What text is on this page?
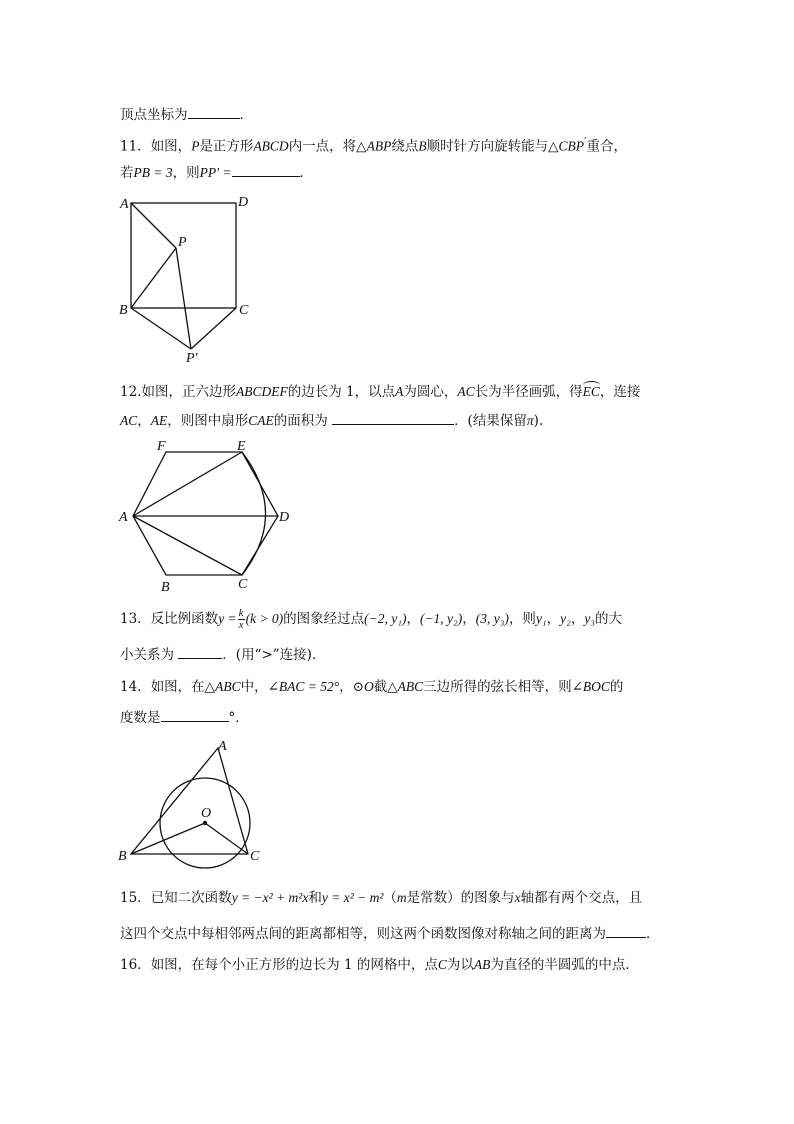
顶点坐标为	．
11．如图，P是正方形ABCD内一点，将△ABP绕点B顺时针方向旋转能与△CBP′重合，
若PB = 3，则PP′ =	．
A	D
P
B	C
P′
12.如图，正六边形ABCDEF的边长为 1，以点A为圆心，AC长为半径画弧，得EC，连接
AC，AE，则图中扇形CAE的面积为	．(结果保留π).
F	E
A	D
B	C
13．反比例函数$y = \frac{k}{x} (k > 0)$的图象经过点(−2, y₁)，(−1, y₂)，(3, y₃)，则y₁，y₂，y₃的大
小关系为	．(用“>”连接)．
14．如图，在△ABC中，∠BAC = 52°，⊙O截△ABC三边所得的弦长相等，则∠BOC的
度数是	°．
A
O
B	C
15．已知二次函数y = −x² + m²x和y = x² − m²（m是常数）的图象与x轴都有两个交点，且
这四个交点中每相邻两点间的距离都相等，则这两个函数图像对称轴之间的距离为	．
16．如图，在每个小正方形的边长为 1 的网格中，点C为以AB为直径的半圆弧的中点．
